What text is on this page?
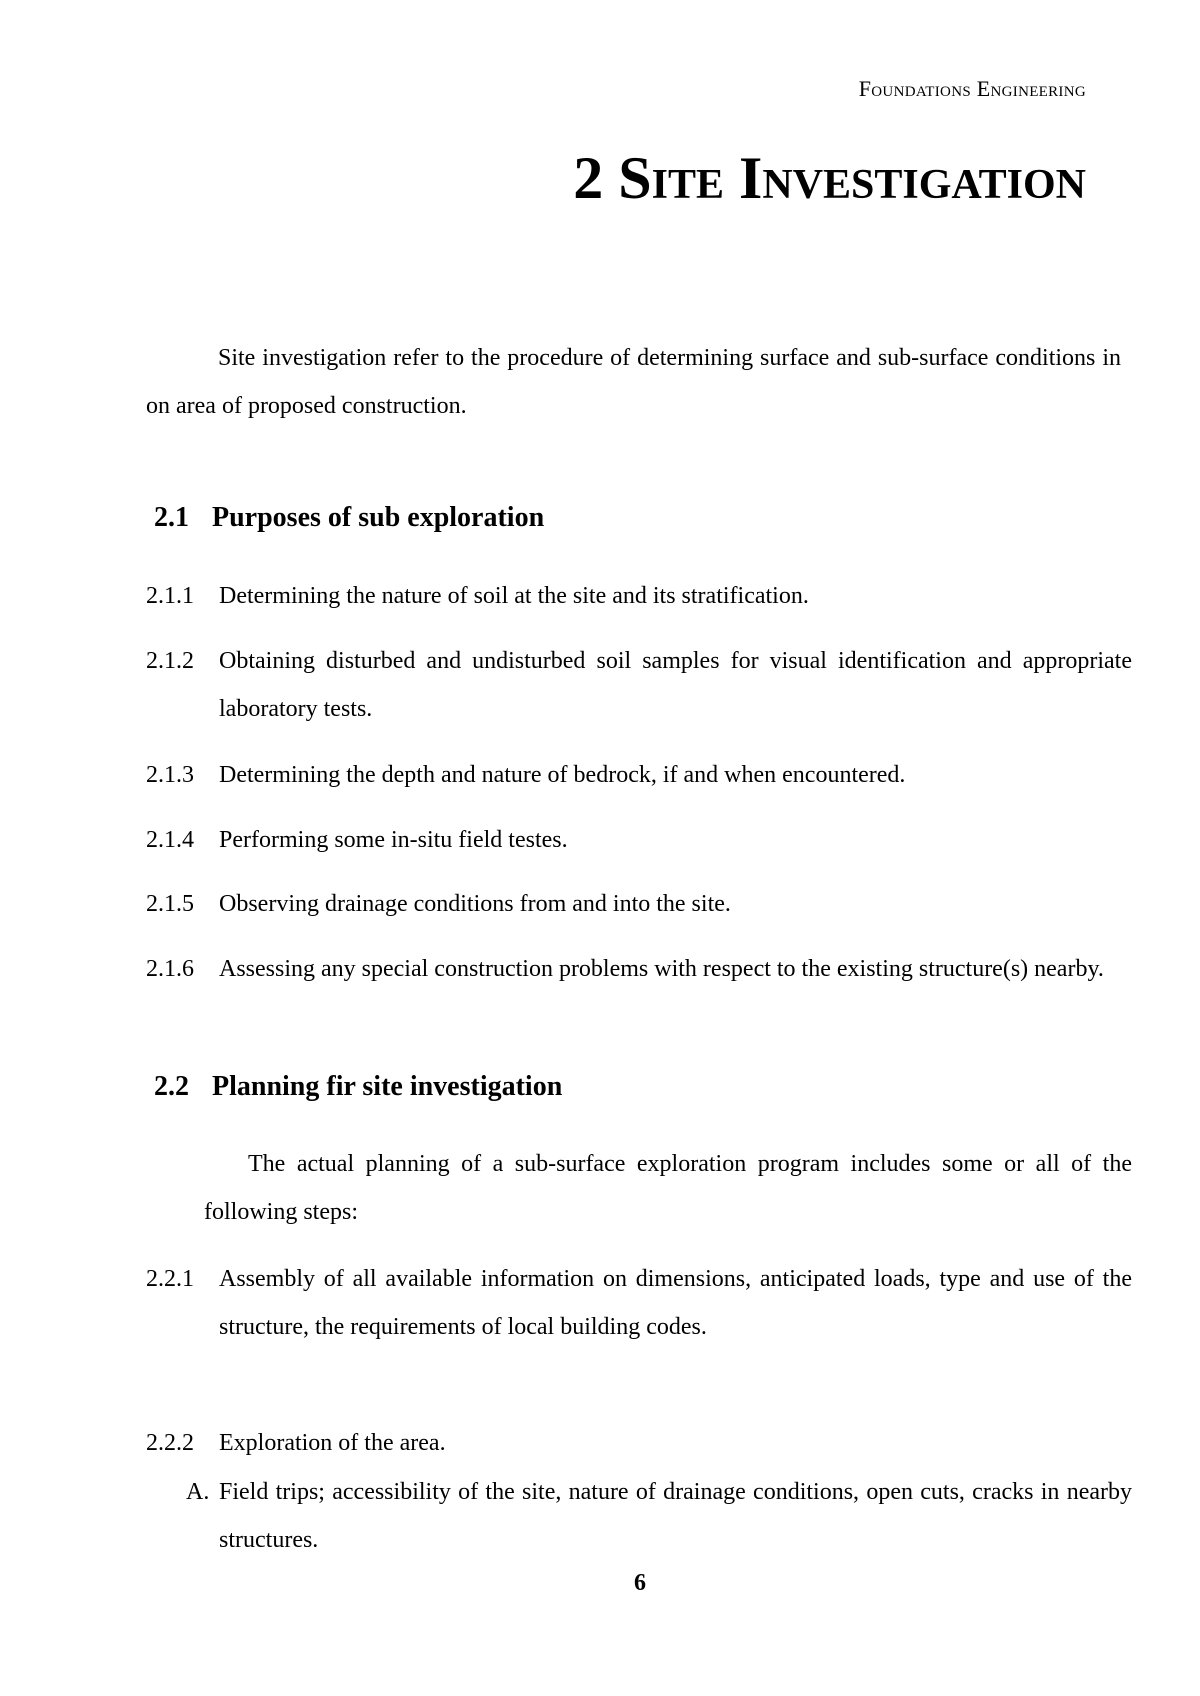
Foundations Engineering
2 Site Investigation

Site investigation refer to the procedure of determining surface and sub-surface conditions in on area of proposed construction.

2.1 Purposes of sub exploration
2.1.1	Determining the nature of soil at the site and its stratification.
2.1.2	Obtaining disturbed and undisturbed soil samples for visual identification and appropriate laboratory tests.
2.1.3	Determining the depth and nature of bedrock, if and when encountered.
2.1.4	Performing some in-situ field testes.
2.1.5	Observing drainage conditions from and into the site.
2.1.6	Assessing any special construction problems with respect to the existing structure(s) nearby.
2.2 Planning fir site investigation

The actual planning of a sub-surface exploration program includes some or all of the following steps:

2.2.1	Assembly of all available information on dimensions, anticipated loads, type and use of the structure, the requirements of local building codes.
2.2.2	Exploration of the area.
A. Field trips; accessibility of the site, nature of drainage conditions, open cuts, cracks in nearby structures.
6
